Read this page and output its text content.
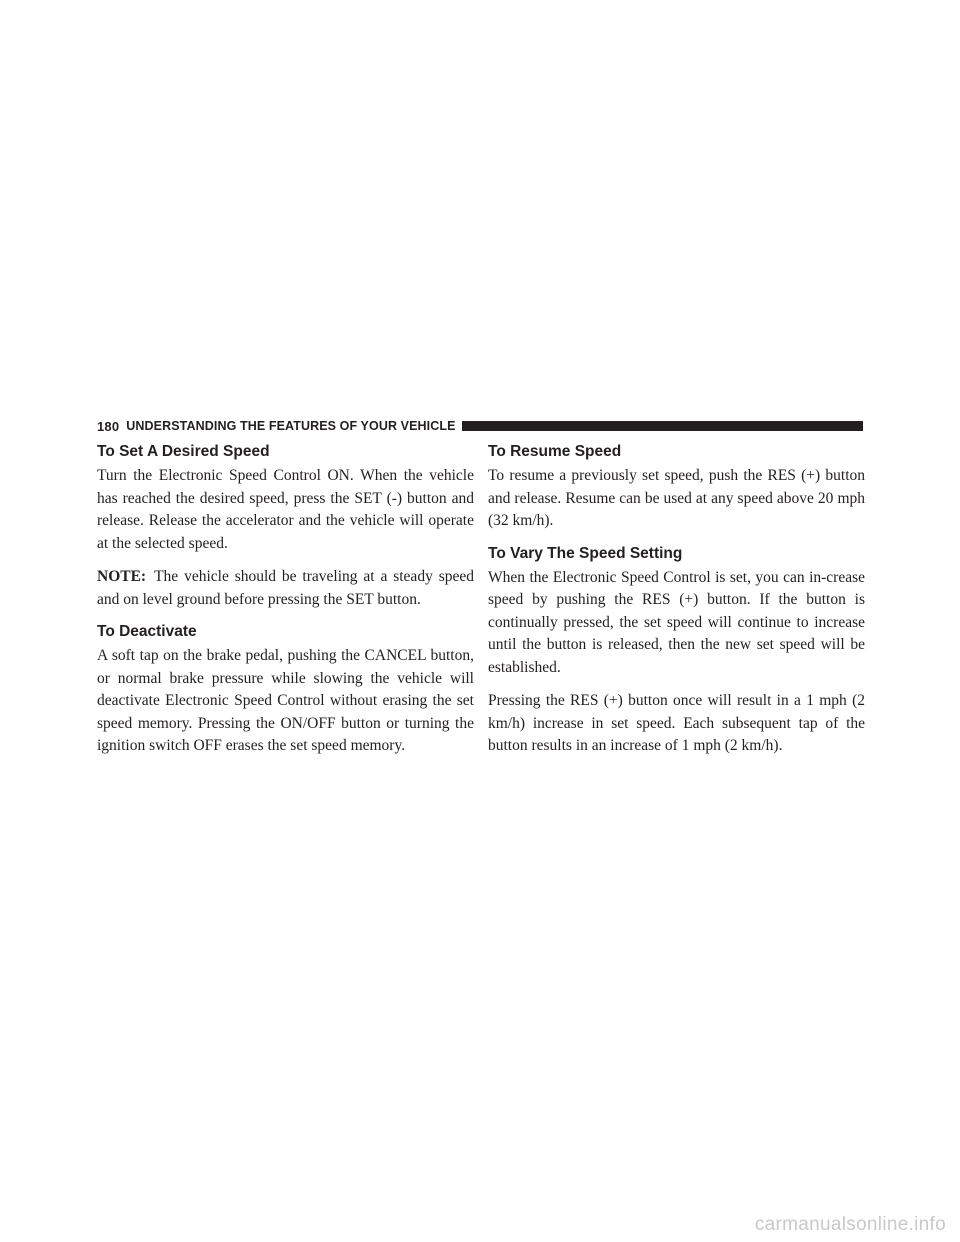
180 UNDERSTANDING THE FEATURES OF YOUR VEHICLE
To Set A Desired Speed

Turn the Electronic Speed Control ON. When the vehicle has reached the desired speed, press the SET (-) button and release. Release the accelerator and the vehicle will operate at the selected speed.

NOTE: The vehicle should be traveling at a steady speed and on level ground before pressing the SET button.

To Deactivate

A soft tap on the brake pedal, pushing the CANCEL button, or normal brake pressure while slowing the vehicle will deactivate Electronic Speed Control without erasing the set speed memory. Pressing the ON/OFF button or turning the ignition switch OFF erases the set speed memory.

To Resume Speed

To resume a previously set speed, push the RES (+) button and release. Resume can be used at any speed above 20 mph (32 km/h).

To Vary The Speed Setting

When the Electronic Speed Control is set, you can in-crease speed by pushing the RES (+) button. If the button is continually pressed, the set speed will continue to increase until the button is released, then the new set speed will be established.

Pressing the RES (+) button once will result in a 1 mph (2 km/h) increase in set speed. Each subsequent tap of the button results in an increase of 1 mph (2 km/h).

carmanualsonline.info
